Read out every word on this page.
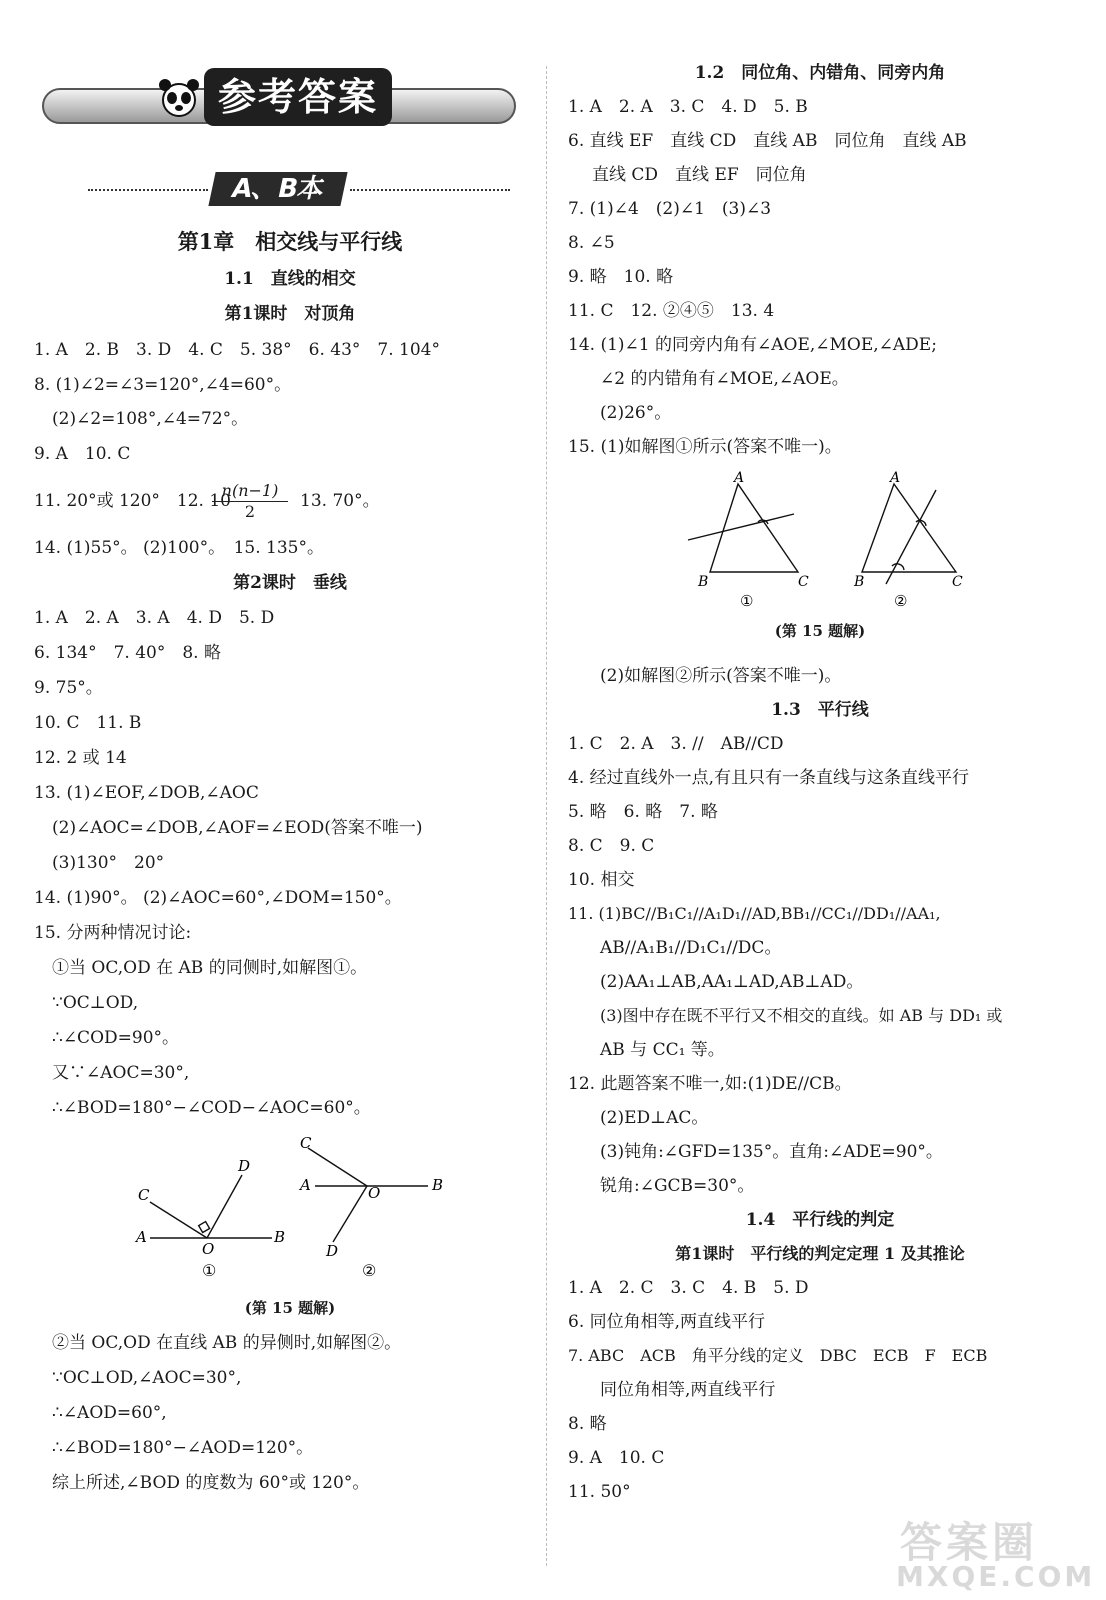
参考答案
A、B本
第1章　相交线与平行线
1.1　直线的相交
第1课时　对顶角
1. A　2. B　3. D　4. C　5. 38°　6. 43°　7. 104°
8. (1)∠2=∠3=120°,∠4=60°。
(2)∠2=108°,∠4=72°。
9. A　10. C
11. 20°或 120°　12. 10
$\frac{n(n-1)}{2} 13$. 70°。
14. (1)55°。 (2)100°。　15. 135°。
第2课时　垂线
1. A　2. A　3. A　4. D　5. D
6. 134°　7. 40°　8. 略
9. 75°。
10. C　11. B
12. 2 或 14
13. (1)∠EOF,∠DOB,∠AOC
(2)∠AOC=∠DOB,∠AOF=∠EOD(答案不唯一)
(3)130°　20°
14. (1)90°。 (2)∠AOC=60°,∠DOM=150°。
15. 分两种情况讨论:
①当 OC,OD 在 AB 的同侧时,如解图①。
∵OC⊥OD,
∴∠COD=90°。
又∵∠AOC=30°,
∴∠BOD=180°−∠COD−∠AOC=60°。
C
D
A	B
O
①
C
A	B
O
D
②
(第 15 题解)
②当 OC,OD 在直线 AB 的异侧时,如解图②。
∵OC⊥OD,∠AOC=30°,
∴∠AOD=60°,
∴∠BOD=180°−∠AOD=120°。
综上所述,∠BOD 的度数为 60°或 120°。
1.2　同位角、内错角、同旁内角
1. A　2. A　3. C　4. D　5. B
6. 直线 EF　直线 CD　直线 AB　同位角　直线 AB
直线 CD　直线 EF　同位角
7. (1)∠4　(2)∠1　(3)∠3
8. ∠5
9. 略　10. 略
11. C　12. ②④⑤　13. 4
14. (1)∠1 的同旁内角有∠AOE,∠MOE,∠ADE;
∠2 的内错角有∠MOE,∠AOE。
(2)26°。
15. (1)如解图①所示(答案不唯一)。
A
B	C
①
A
B	C
②
(第 15 题解)
(2)如解图②所示(答案不唯一)。
1.3　平行线
1. C　2. A　3. //　AB//CD
4. 经过直线外一点,有且只有一条直线与这条直线平行
5. 略　6. 略　7. 略
8. C　9. C
10. 相交
11. (1)BC//B₁C₁//A₁D₁//AD,BB₁//CC₁//DD₁//AA₁,
AB//A₁B₁//D₁C₁//DC。
(2)AA₁⊥AB,AA₁⊥AD,AB⊥AD。
(3)图中存在既不平行又不相交的直线。如 AB 与 DD₁ 或
AB 与 CC₁ 等。
12. 此题答案不唯一,如:(1)DE//CB。
(2)ED⊥AC。
(3)钝角:∠GFD=135°。直角:∠ADE=90°。
锐角:∠GCB=30°。
1.4　平行线的判定
第1课时　平行线的判定定理 1 及其推论
1. A　2. C　3. C　4. B　5. D
6. 同位角相等,两直线平行
7. ABC　ACB　角平分线的定义　DBC　ECB　F　ECB
同位角相等,两直线平行
8. 略
9. A　10. C
11. 50°
答案圈
MXQE.COM
